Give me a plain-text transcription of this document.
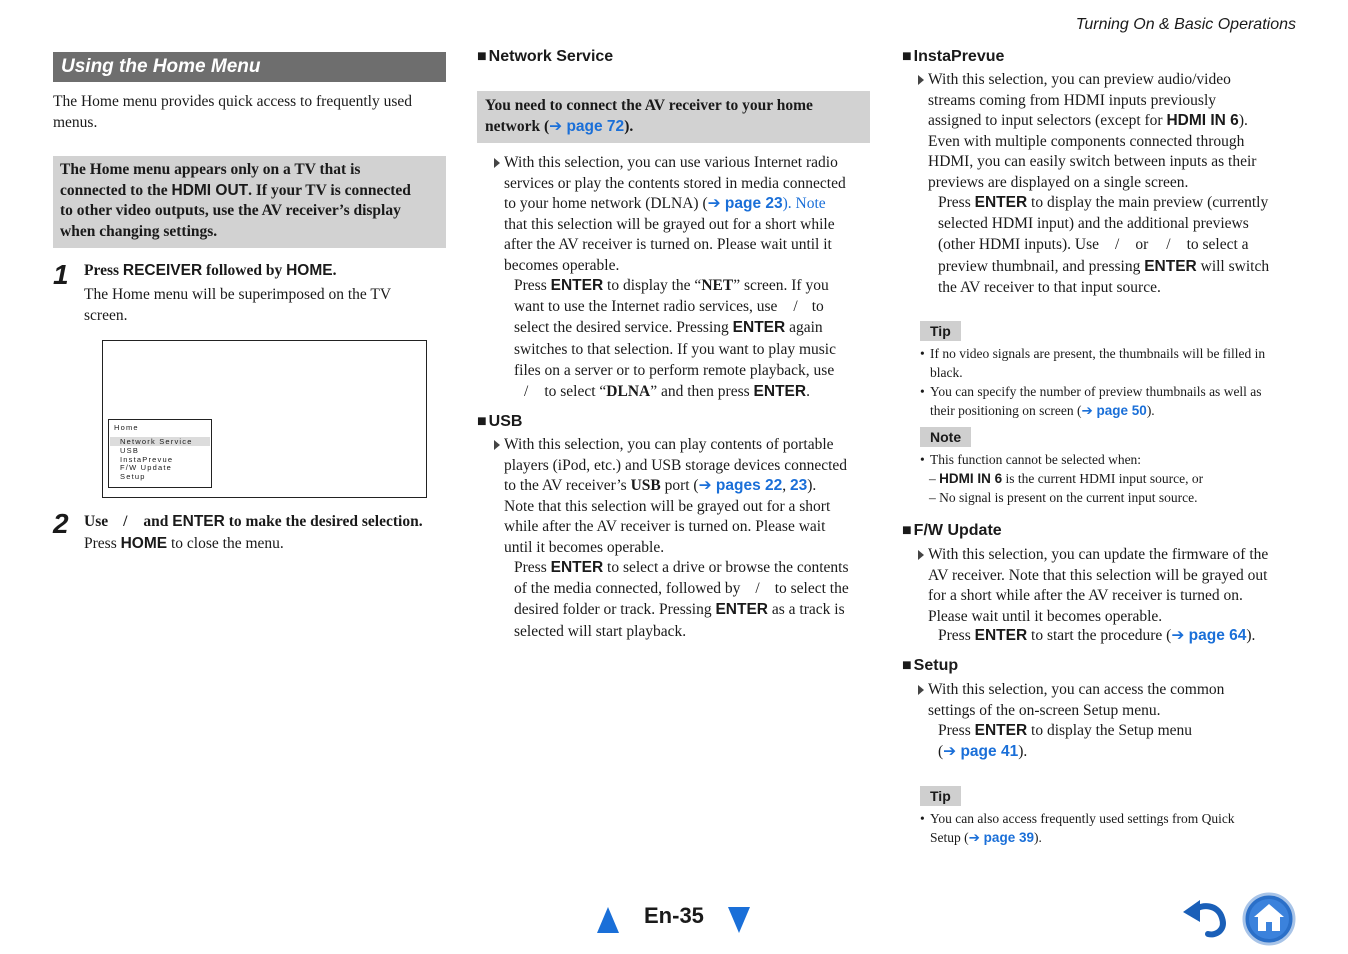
Turning On & Basic Operations
Using the Home Menu
The Home menu provides quick access to frequently used
menus.
The Home menu appears only on a TV that is
connected to the HDMI OUT. If your TV is connected
to other video outputs, use the AV receiver’s display
when changing settings.
1 Press RECEIVER followed by HOME.
The Home menu will be superimposed on the TV
screen.
Home
Network Service
USB
InstaPrevue
F/W Update
Setup
2 Use / and ENTER to make the desired selection.
Press HOME to close the menu.
■ Network Service
You need to connect the AV receiver to your home
network (➔ page 72).
With this selection, you can use various Internet radio
services or play the contents stored in media connected
to your home network (DLNA) (➔ page 23). Note
that this selection will be grayed out for a short while
after the AV receiver is turned on. Please wait until it
becomes operable.
Press ENTER to display the “NET” screen. If you
want to use the Internet radio services, use / to
select the desired service. Pressing ENTER again
switches to that selection. If you want to play music
files on a server or to perform remote playback, use
/ to select “DLNA” and then press ENTER.
■ USB
With this selection, you can play contents of portable
players (iPod, etc.) and USB storage devices connected
to the AV receiver’s USB port (➔ pages 22, 23).
Note that this selection will be grayed out for a short
while after the AV receiver is turned on. Please wait
until it becomes operable.
Press ENTER to select a drive or browse the contents
of the media connected, followed by / to select the
desired folder or track. Pressing ENTER as a track is
selected will start playback.
■ InstaPrevue
With this selection, you can preview audio/video
streams coming from HDMI inputs previously
assigned to input selectors (except for HDMI IN 6).
Even with multiple components connected through
HDMI, you can easily switch between inputs as their
previews are displayed on a single screen.
Press ENTER to display the main preview (currently
selected HDMI input) and the additional previews
(other HDMI inputs). Use / or / to select a
preview thumbnail, and pressing ENTER will switch
the AV receiver to that input source.
Tip
• If no video signals are present, the thumbnails will be filled in
black.
• You can specify the number of preview thumbnails as well as
their positioning on screen (➔ page 50).
Note
• This function cannot be selected when:
– HDMI IN 6 is the current HDMI input source, or
– No signal is present on the current input source.
■ F/W Update
With this selection, you can update the firmware of the
AV receiver. Note that this selection will be grayed out
for a short while after the AV receiver is turned on.
Please wait until it becomes operable.
Press ENTER to start the procedure (➔ page 64).
■ Setup
With this selection, you can access the common
settings of the on-screen Setup menu.
Press ENTER to display the Setup menu
(➔ page 41).
Tip
• You can also access frequently used settings from Quick
Setup (➔ page 39).
En-35
